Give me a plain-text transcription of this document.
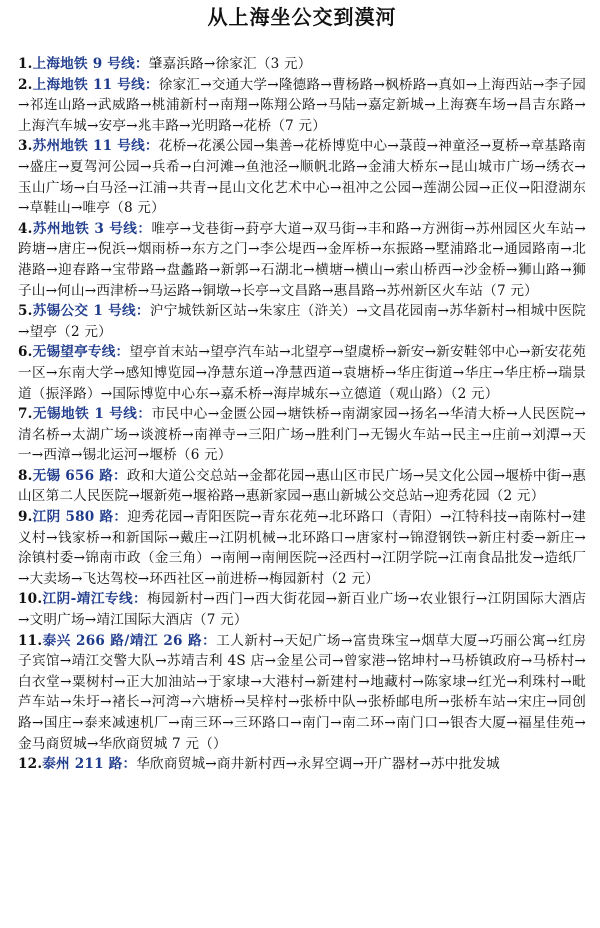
从上海坐公交到漠河

1.上海地铁 9 号线：肇嘉浜路→徐家汇（3 元）

2.上海地铁 11 号线：徐家汇→交通大学→隆德路→曹杨路→枫桥路→真如→上海西站→李子园→祁连山路→武威路→桃浦新村→南翔→陈翔公路→马陆→嘉定新城→上海赛车场→昌吉东路→上海汽车城→安亭→兆丰路→光明路→花桥（7 元）

3.苏州地铁 11 号线：花桥→花溪公园→集善→花桥博览中心→菉葭→神童泾→夏桥→章基路南→盛庄→夏驾河公园→兵希→白河滩→鱼池泾→顺帆北路→金浦大桥东→昆山城市广场→绣衣→玉山广场→白马泾→江浦→共青→昆山文化艺术中心→祖冲之公园→莲湖公园→正仪→阳澄湖东→草鞋山→唯亭（8 元）

4.苏州地铁 3 号线：唯亭→戈巷街→葑亭大道→双马街→丰和路→方洲街→苏州园区火车站→跨塘→唐庄→倪浜→烟雨桥→东方之门→李公堤西→金厍桥→东振路→墅浦路北→通园路南→北港路→迎春路→宝带路→盘蠡路→新郭→石湖北→横塘→横山→索山桥西→沙金桥→狮山路→狮子山→何山→西津桥→马运路→铜墩→长亭→文昌路→惠昌路→苏州新区火车站（7 元）

5.苏锡公交 1 号线：沪宁城铁新区站→朱家庄（浒关）→文昌花园南→苏华新村→相城中医院→望亭（2 元）

6.无锡望亭专线：望亭首末站→望亭汽车站→北望亭→望虞桥→新安→新安鞋邻中心→新安花苑一区→东南大学→感知博览园→净慧东道→净慧西道→袁塘桥→华庄街道→华庄→华庄桥→瑞景道（振泽路）→国际博览中心东→嘉禾桥→海岸城东→立德道（观山路）（2 元）

7.无锡地铁 1 号线：市民中心→金匮公园→塘铁桥→南湖家园→扬名→华清大桥→人民医院→清名桥→太湖广场→谈渡桥→南禅寺→三阳广场→胜利门→无锡火车站→民主→庄前→刘潭→天一→西漳→锡北运河→堰桥（6 元）

8.无锡 656 路：政和大道公交总站→金都花园→惠山区市民广场→吴文化公园→堰桥中街→惠山区第二人民医院→堰新苑→堰裕路→惠新家园→惠山新城公交总站→迎秀花园（2 元）

9.江阴 580 路：迎秀花园→青阳医院→青东花苑→北环路口（青阳）→江特科技→南陈村→建义村→钱家桥→和新国际→戴庄→江阴机械→北环路口→唐家村→锦澄钢铁→新庄村委→新庄→涂镇村委→锦南市政（金三角）→南闸→南闸医院→泾西村→江阴学院→江南食品批发→造纸厂→大卖场→飞达驾校→环西社区→前进桥→梅园新村（2 元）

10.江阴-靖江专线：梅园新村→西门→西大街花园→新百业广场→农业银行→江阴国际大酒店→文明广场→靖江国际大酒店（7 元）

11.泰兴 266 路/靖江 26 路：工人新村→天妃广场→富贵珠宝→烟草大厦→巧丽公寓→红房子宾馆→靖江交警大队→苏靖吉利 4S 店→金星公司→曾家港→铭坤村→马桥镇政府→马桥村→白衣堂→粟树村→正大加油站→于家埭→大港村→新建村→地藏村→陈家埭→红光→利珠村→毗芦车站→朱圩→褚长→河湾→六塘桥→吴梓村→张桥中队→张桥邮电所→张桥车站→宋庄→同创路→国庄→泰来减速机厂→南三环→三环路口→南门→南二环→南门口→银杏大厦→福星佳苑→金马商贸城→华欣商贸城 7 元（）

12.泰州 211 路：华欣商贸城→商井新村西→永昇空调→开广器材→苏中批发城
